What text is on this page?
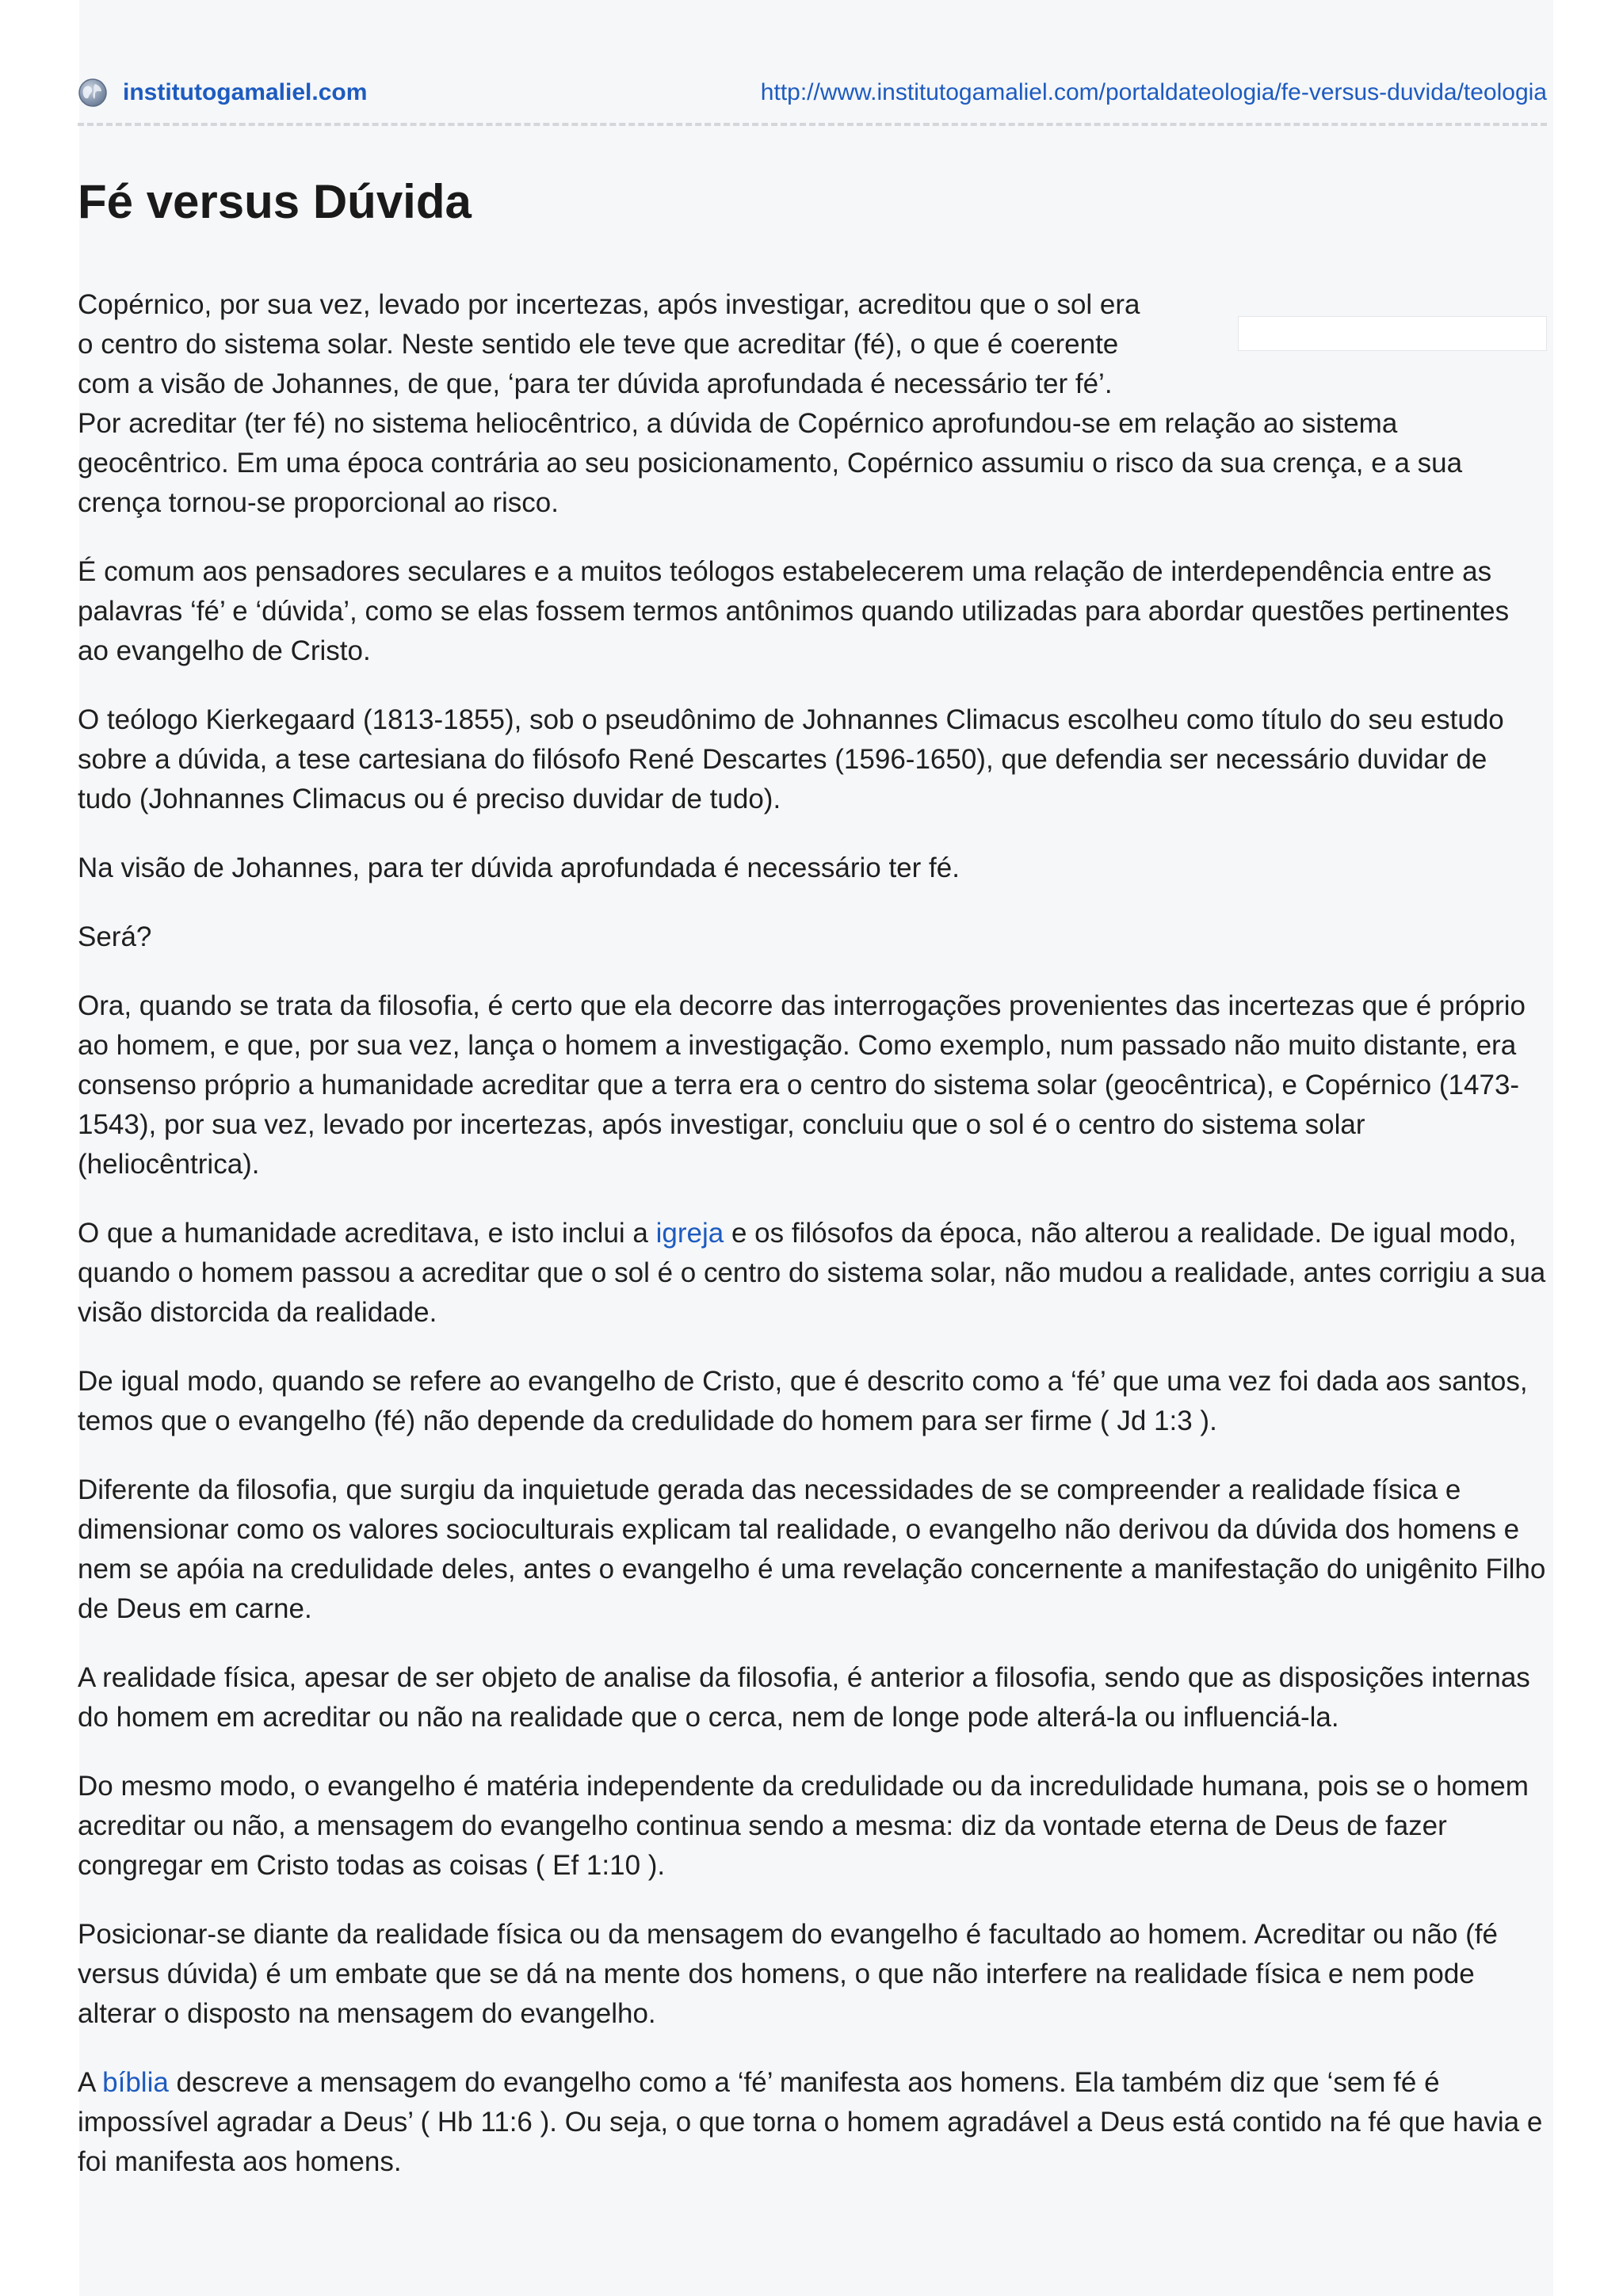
institutogamaliel.com	http://www.institutogamaliel.com/portaldateologia/fe-versus-duvida/teologia
Fé versus Dúvida

Copérnico, por sua vez, levado por incertezas, após investigar, acreditou que o sol era
o centro do sistema solar. Neste sentido ele teve que acreditar (fé), o que é coerente
com a visão de Johannes, de que, ‘para ter dúvida aprofundada é necessário ter fé’.
Por acreditar (ter fé) no sistema heliocêntrico, a dúvida de Copérnico aprofundou-se em relação ao sistema
geocêntrico. Em uma época contrária ao seu posicionamento, Copérnico assumiu o risco da sua crença, e a sua
crença tornou-se proporcional ao risco.

É comum aos pensadores seculares e a muitos teólogos estabelecerem uma relação de interdependência entre as palavras ‘fé’ e ‘dúvida’, como se elas fossem termos antônimos quando utilizadas para abordar questões pertinentes ao evangelho de Cristo.

O teólogo Kierkegaard (1813-1855), sob o pseudônimo de Johnannes Climacus escolheu como título do seu estudo sobre a dúvida, a tese cartesiana do filósofo René Descartes (1596-1650), que defendia ser necessário duvidar de tudo (Johnannes Climacus ou é preciso duvidar de tudo).

Na visão de Johannes, para ter dúvida aprofundada é necessário ter fé.

Será?

Ora, quando se trata da filosofia, é certo que ela decorre das interrogações provenientes das incertezas que é próprio ao homem, e que, por sua vez, lança o homem a investigação. Como exemplo, num passado não muito distante, era consenso próprio a humanidade acreditar que a terra era o centro do sistema solar (geocêntrica), e Copérnico (1473-1543), por sua vez, levado por incertezas, após investigar, concluiu que o sol é o centro do sistema solar (heliocêntrica).

O que a humanidade acreditava, e isto inclui a igreja e os filósofos da época, não alterou a realidade. De igual modo, quando o homem passou a acreditar que o sol é o centro do sistema solar, não mudou a realidade, antes corrigiu a sua visão distorcida da realidade.

De igual modo, quando se refere ao evangelho de Cristo, que é descrito como a ‘fé’ que uma vez foi dada aos santos, temos que o evangelho (fé) não depende da credulidade do homem para ser firme ( Jd 1:3 ).

Diferente da filosofia, que surgiu da inquietude gerada das necessidades de se compreender a realidade física e dimensionar como os valores socioculturais explicam tal realidade, o evangelho não derivou da dúvida dos homens e nem se apóia na credulidade deles, antes o evangelho é uma revelação concernente a manifestação do unigênito Filho de Deus em carne.

A realidade física, apesar de ser objeto de analise da filosofia, é anterior a filosofia, sendo que as disposições internas do homem em acreditar ou não na realidade que o cerca, nem de longe pode alterá-la ou influenciá-la.

Do mesmo modo, o evangelho é matéria independente da credulidade ou da incredulidade humana, pois se o homem acreditar ou não, a mensagem do evangelho continua sendo a mesma: diz da vontade eterna de Deus de fazer congregar em Cristo todas as coisas ( Ef 1:10 ).

Posicionar-se diante da realidade física ou da mensagem do evangelho é facultado ao homem. Acreditar ou não (fé versus dúvida) é um embate que se dá na mente dos homens, o que não interfere na realidade física e nem pode alterar o disposto na mensagem do evangelho.

A bíblia descreve a mensagem do evangelho como a ‘fé’ manifesta aos homens. Ela também diz que ‘sem fé é impossível agradar a Deus’ ( Hb 11:6 ). Ou seja, o que torna o homem agradável a Deus está contido na fé que havia e foi manifesta aos homens.
